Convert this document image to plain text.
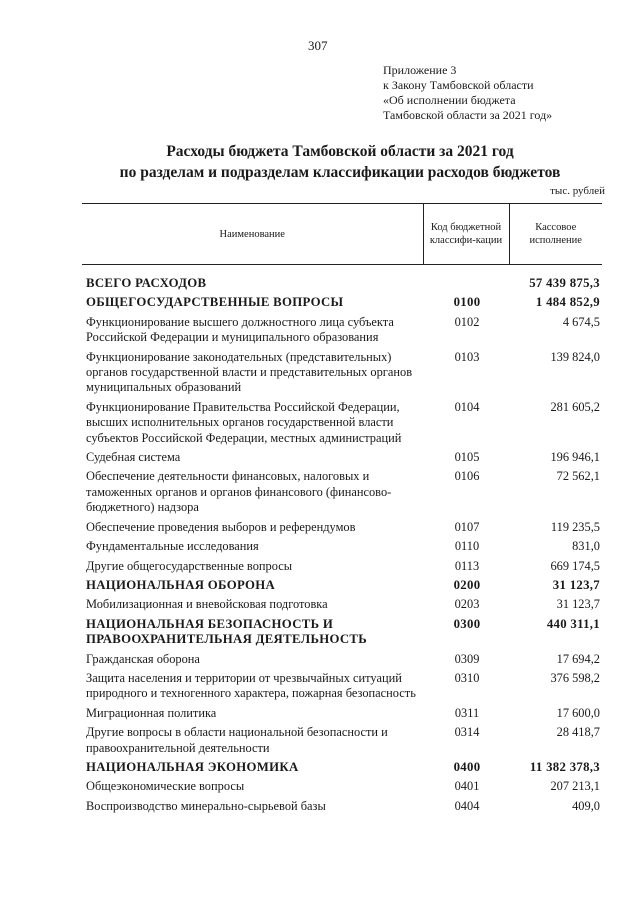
307
Приложение 3
к Закону Тамбовской области
«Об исполнении бюджета
Тамбовской области за 2021 год»
Расходы бюджета Тамбовской области за 2021 год
по разделам и подразделам классификации расходов бюджетов
тыс. рублей
Наименование	Код бюджетной классифи-кации	Кассовое исполнение
ВСЕГО РАСХОДОВ		57 439 875,3
ОБЩЕГОСУДАРСТВЕННЫЕ ВОПРОСЫ	0100	1 484 852,9
Функционирование высшего должностного лица субъекта Российской Федерации и муниципального образования	0102	4 674,5
Функционирование законодательных (представительных) органов государственной власти и представительных органов муниципальных образований	0103	139 824,0
Функционирование Правительства Российской Федерации, высших исполнительных органов государственной власти субъектов Российской Федерации, местных администраций	0104	281 605,2
Судебная система	0105	196 946,1
Обеспечение деятельности финансовых, налоговых и таможенных органов и органов финансового (финансово-бюджетного) надзора	0106	72 562,1
Обеспечение проведения выборов и референдумов	0107	119 235,5
Фундаментальные исследования	0110	831,0
Другие общегосударственные вопросы	0113	669 174,5
НАЦИОНАЛЬНАЯ ОБОРОНА	0200	31 123,7
Мобилизационная и вневойсковая подготовка	0203	31 123,7
НАЦИОНАЛЬНАЯ БЕЗОПАСНОСТЬ И ПРАВООХРАНИТЕЛЬНАЯ ДЕЯТЕЛЬНОСТЬ	0300	440 311,1
Гражданская оборона	0309	17 694,2
Защита населения и территории от чрезвычайных ситуаций природного и техногенного характера, пожарная безопасность	0310	376 598,2
Миграционная политика	0311	17 600,0
Другие вопросы в области национальной безопасности и правоохранительной деятельности	0314	28 418,7
НАЦИОНАЛЬНАЯ ЭКОНОМИКА	0400	11 382 378,3
Общеэкономические вопросы	0401	207 213,1
Воспроизводство минерально-сырьевой базы	0404	409,0
